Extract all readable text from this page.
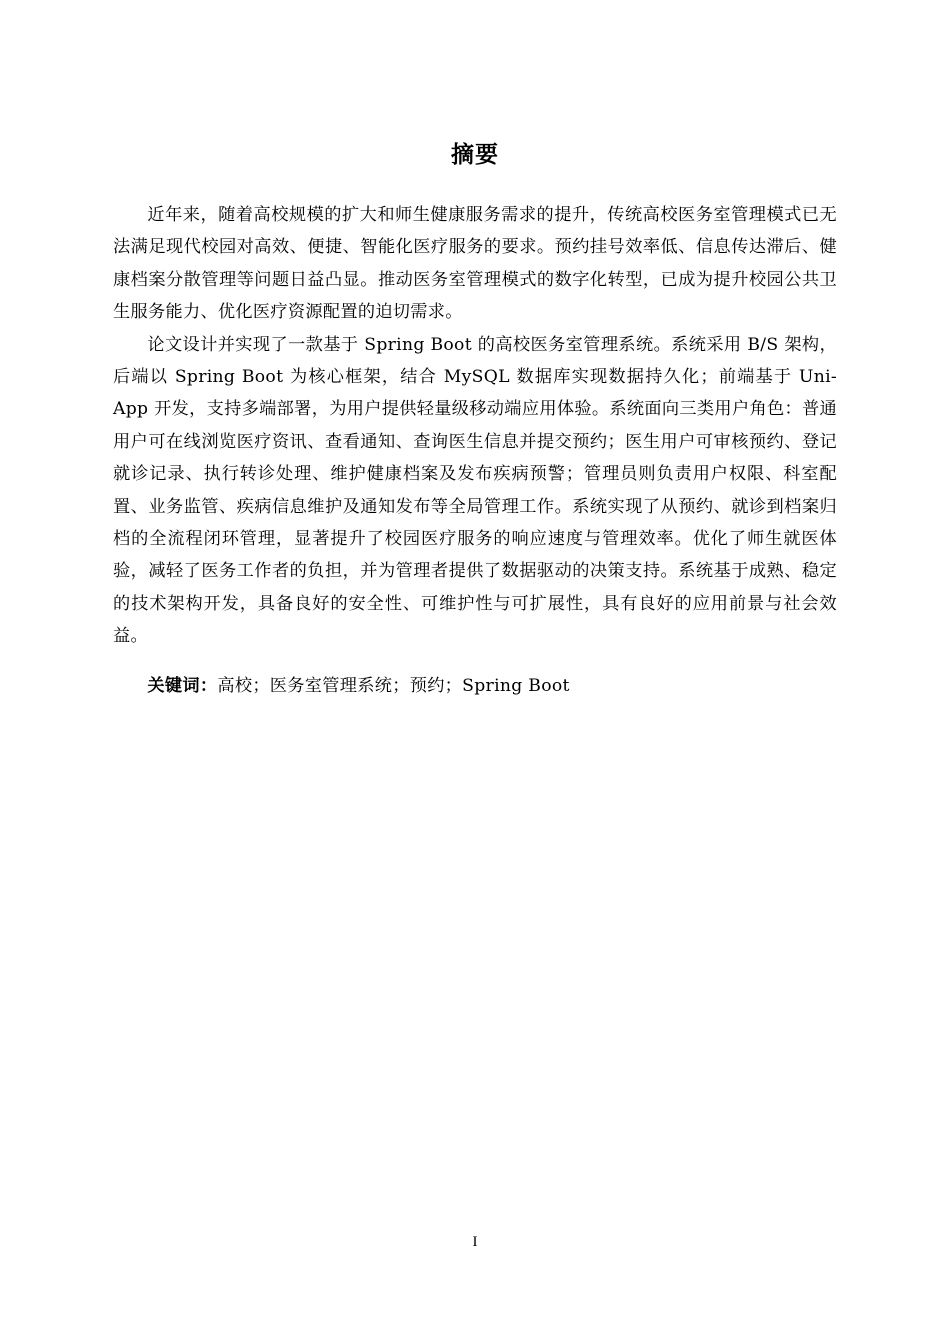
摘要

近年来，随着高校规模的扩大和师生健康服务需求的提升，传统高校医务室管理模式已无法满足现代校园对高效、便捷、智能化医疗服务的要求。预约挂号效率低、信息传达滞后、健康档案分散管理等问题日益凸显。推动医务室管理模式的数字化转型，已成为提升校园公共卫生服务能力、优化医疗资源配置的迫切需求。

论文设计并实现了一款基于 Spring Boot 的高校医务室管理系统。系统采用 B/S 架构，后端以 Spring Boot 为核心框架，结合 MySQL 数据库实现数据持久化；前端基于 Uni-App 开发，支持多端部署，为用户提供轻量级移动端应用体验。系统面向三类用户角色：普通用户可在线浏览医疗资讯、查看通知、查询医生信息并提交预约；医生用户可审核预约、登记就诊记录、执行转诊处理、维护健康档案及发布疾病预警；管理员则负责用户权限、科室配置、业务监管、疾病信息维护及通知发布等全局管理工作。系统实现了从预约、就诊到档案归档的全流程闭环管理，显著提升了校园医疗服务的响应速度与管理效率。优化了师生就医体验，减轻了医务工作者的负担，并为管理者提供了数据驱动的决策支持。系统基于成熟、稳定的技术架构开发，具备良好的安全性、可维护性与可扩展性，具有良好的应用前景与社会效益。

关键词：高校；医务室管理系统；预约；Spring Boot
I
